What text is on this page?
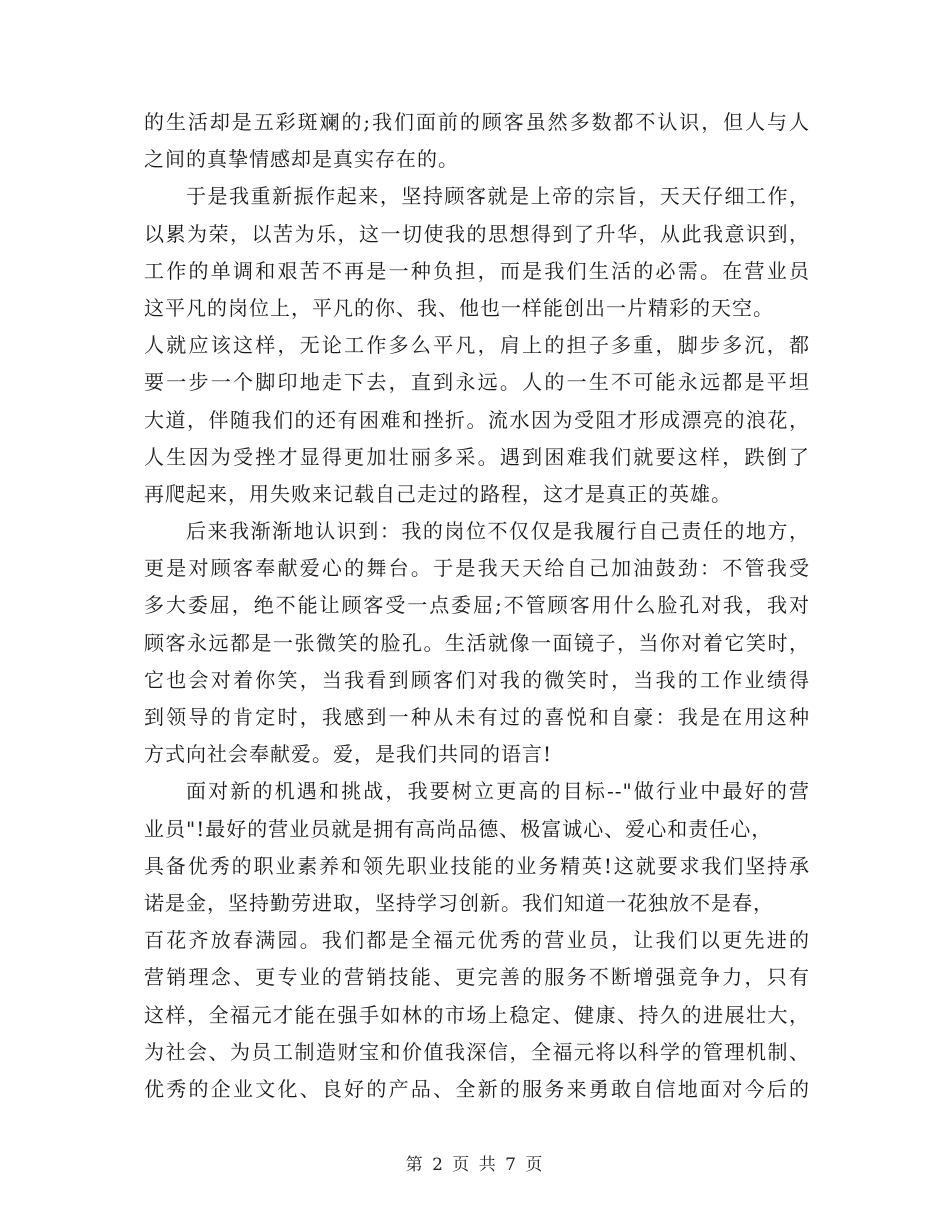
的生活却是五彩斑斓的;我们面前的顾客虽然多数都不认识，但人与人
之间的真挚情感却是真实存在的。
于是我重新振作起来，坚持顾客就是上帝的宗旨，天天仔细工作，
以累为荣，以苦为乐，这一切使我的思想得到了升华，从此我意识到，
工作的单调和艰苦不再是一种负担，而是我们生活的必需。在营业员
这平凡的岗位上，平凡的你、我、他也一样能创出一片精彩的天空。
人就应该这样，无论工作多么平凡，肩上的担子多重，脚步多沉，都
要一步一个脚印地走下去，直到永远。人的一生不可能永远都是平坦
大道，伴随我们的还有困难和挫折。流水因为受阻才形成漂亮的浪花，
人生因为受挫才显得更加壮丽多采。遇到困难我们就要这样，跌倒了
再爬起来，用失败来记载自己走过的路程，这才是真正的英雄。
后来我渐渐地认识到：我的岗位不仅仅是我履行自己责任的地方，
更是对顾客奉献爱心的舞台。于是我天天给自己加油鼓劲：不管我受
多大委屈，绝不能让顾客受一点委屈;不管顾客用什么脸孔对我，我对
顾客永远都是一张微笑的脸孔。生活就像一面镜子，当你对着它笑时，
它也会对着你笑，当我看到顾客们对我的微笑时，当我的工作业绩得
到领导的肯定时，我感到一种从未有过的喜悦和自豪：我是在用这种
方式向社会奉献爱。爱，是我们共同的语言!
面对新的机遇和挑战，我要树立更高的目标--"做行业中最好的营
业员"!最好的营业员就是拥有高尚品德、极富诚心、爱心和责任心，
具备优秀的职业素养和领先职业技能的业务精英!这就要求我们坚持承
诺是金，坚持勤劳进取，坚持学习创新。我们知道一花独放不是春，
百花齐放春满园。我们都是全福元优秀的营业员，让我们以更先进的
营销理念、更专业的营销技能、更完善的服务不断增强竞争力，只有
这样，全福元才能在强手如林的市场上稳定、健康、持久的进展壮大，
为社会、为员工制造财宝和价值我深信，全福元将以科学的管理机制、
优秀的企业文化、良好的产品、全新的服务来勇敢自信地面对今后的
第 2 页 共 7 页
